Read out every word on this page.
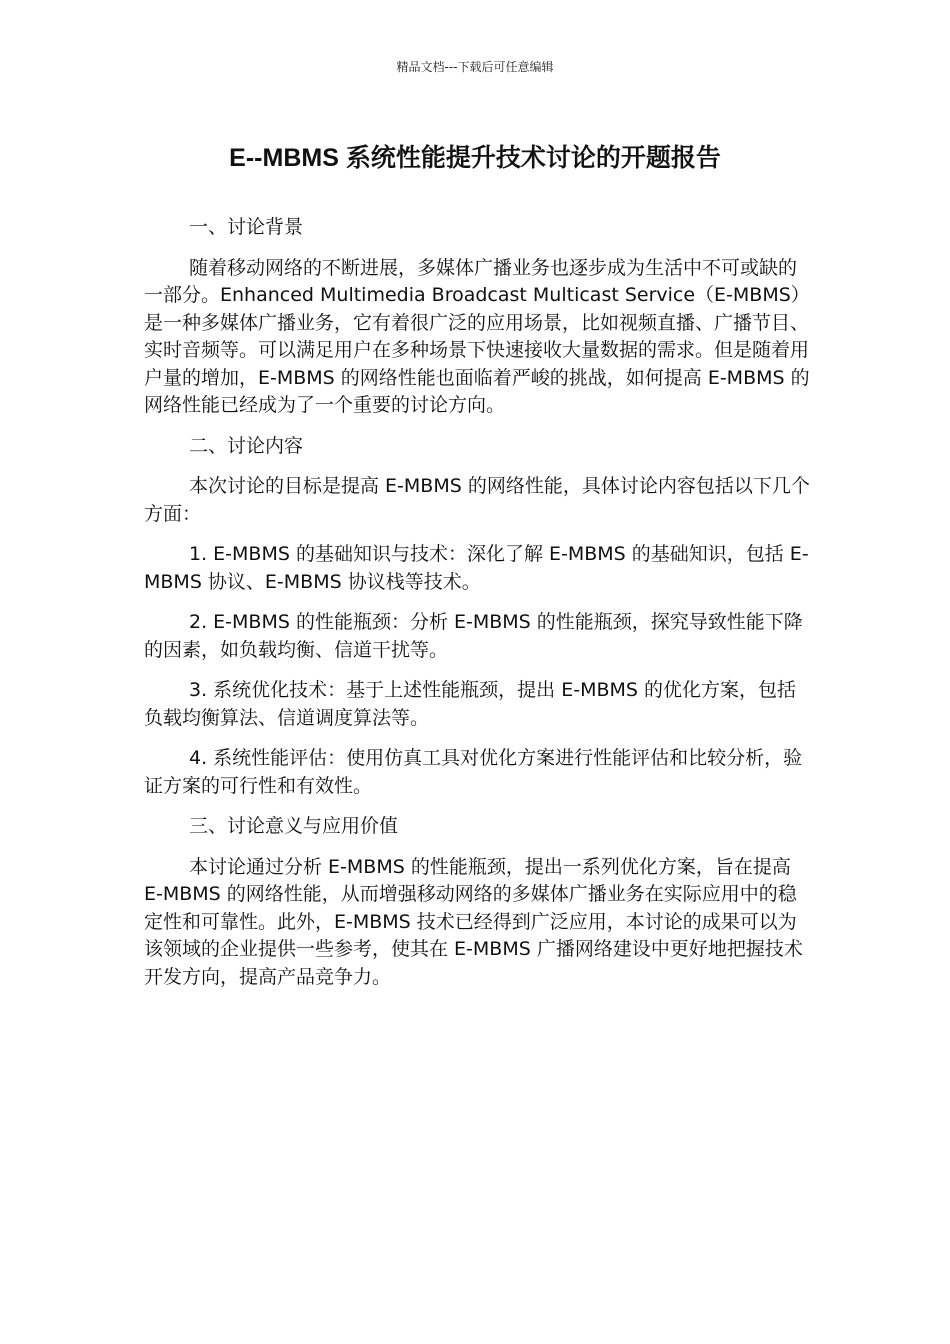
精品文档---下载后可任意编辑
E--MBMS 系统性能提升技术讨论的开题报告
一、讨论背景
随着移动网络的不断进展，多媒体广播业务也逐步成为生活中不可或缺的一部分。Enhanced Multimedia Broadcast Multicast Service（E-MBMS）是一种多媒体广播业务，它有着很广泛的应用场景，比如视频直播、广播节目、实时音频等。可以满足用户在多种场景下快速接收大量数据的需求。但是随着用户量的增加，E-MBMS 的网络性能也面临着严峻的挑战，如何提高 E-MBMS 的网络性能已经成为了一个重要的讨论方向。
二、讨论内容
本次讨论的目标是提高 E-MBMS 的网络性能，具体讨论内容包括以下几个方面：
1. E-MBMS 的基础知识与技术：深化了解 E-MBMS 的基础知识，包括 E-MBMS 协议、E-MBMS 协议栈等技术。
2. E-MBMS 的性能瓶颈：分析 E-MBMS 的性能瓶颈，探究导致性能下降的因素，如负载均衡、信道干扰等。
3. 系统优化技术：基于上述性能瓶颈，提出 E-MBMS 的优化方案，包括负载均衡算法、信道调度算法等。
4. 系统性能评估：使用仿真工具对优化方案进行性能评估和比较分析，验证方案的可行性和有效性。
三、讨论意义与应用价值
本讨论通过分析 E-MBMS 的性能瓶颈，提出一系列优化方案，旨在提高 E-MBMS 的网络性能，从而增强移动网络的多媒体广播业务在实际应用中的稳定性和可靠性。此外，E-MBMS 技术已经得到广泛应用，本讨论的成果可以为该领域的企业提供一些参考，使其在 E-MBMS 广播网络建设中更好地把握技术开发方向，提高产品竞争力。
